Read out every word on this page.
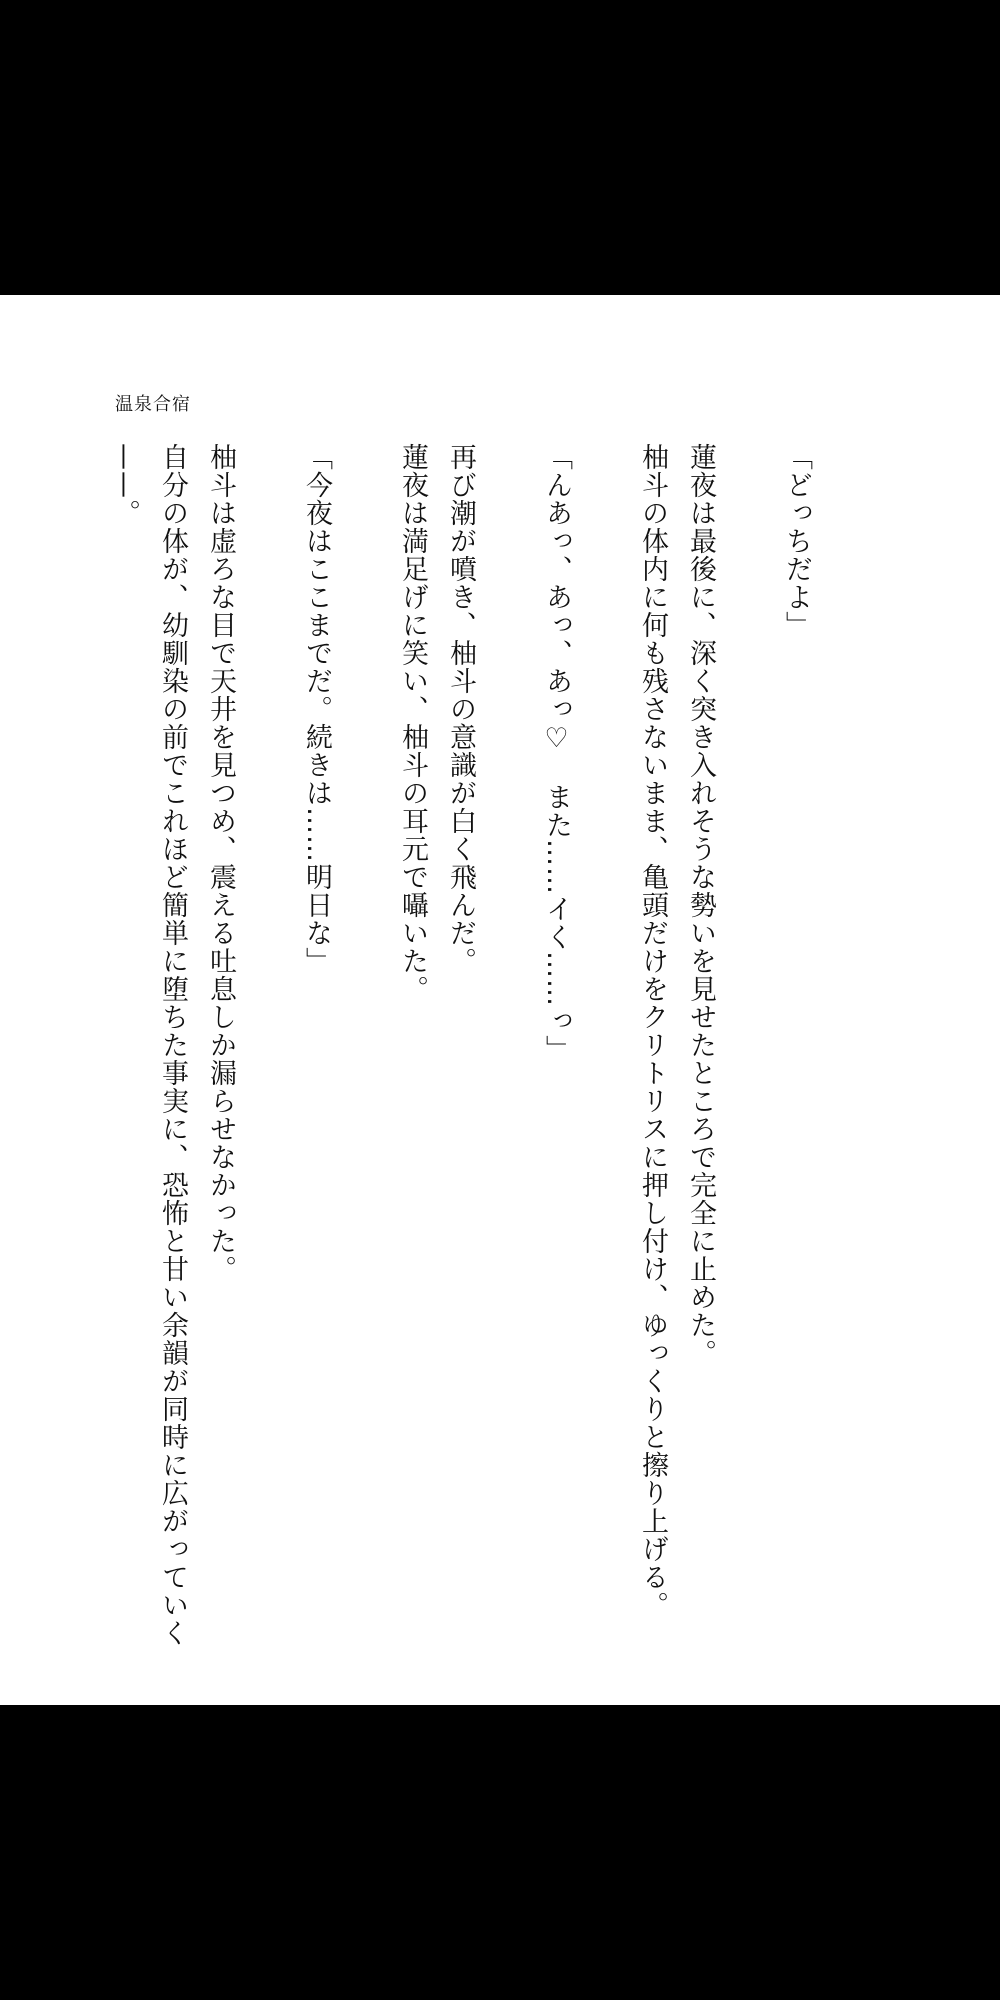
温泉合宿

「どっちだよ」

蓮夜は最後に、深く突き入れそうな勢いを見せたところで完全に止めた。

柚斗の体内に何も残さないまま、亀頭だけをクリトリスに押し付け、ゆっくりと擦り上げる。

「んあっ、あっ、あっ♡　また……イく……っ」

再び潮が噴き、柚斗の意識が白く飛んだ。

蓮夜は満足げに笑い、柚斗の耳元で囁いた。

「今夜はここまでだ。続きは……明日な」

柚斗は虚ろな目で天井を見つめ、震える吐息しか漏らせなかった。

自分の体が、幼馴染の前でこれほど簡単に堕ちた事実に、恐怖と甘い余韻が同時に広がっていく——。
